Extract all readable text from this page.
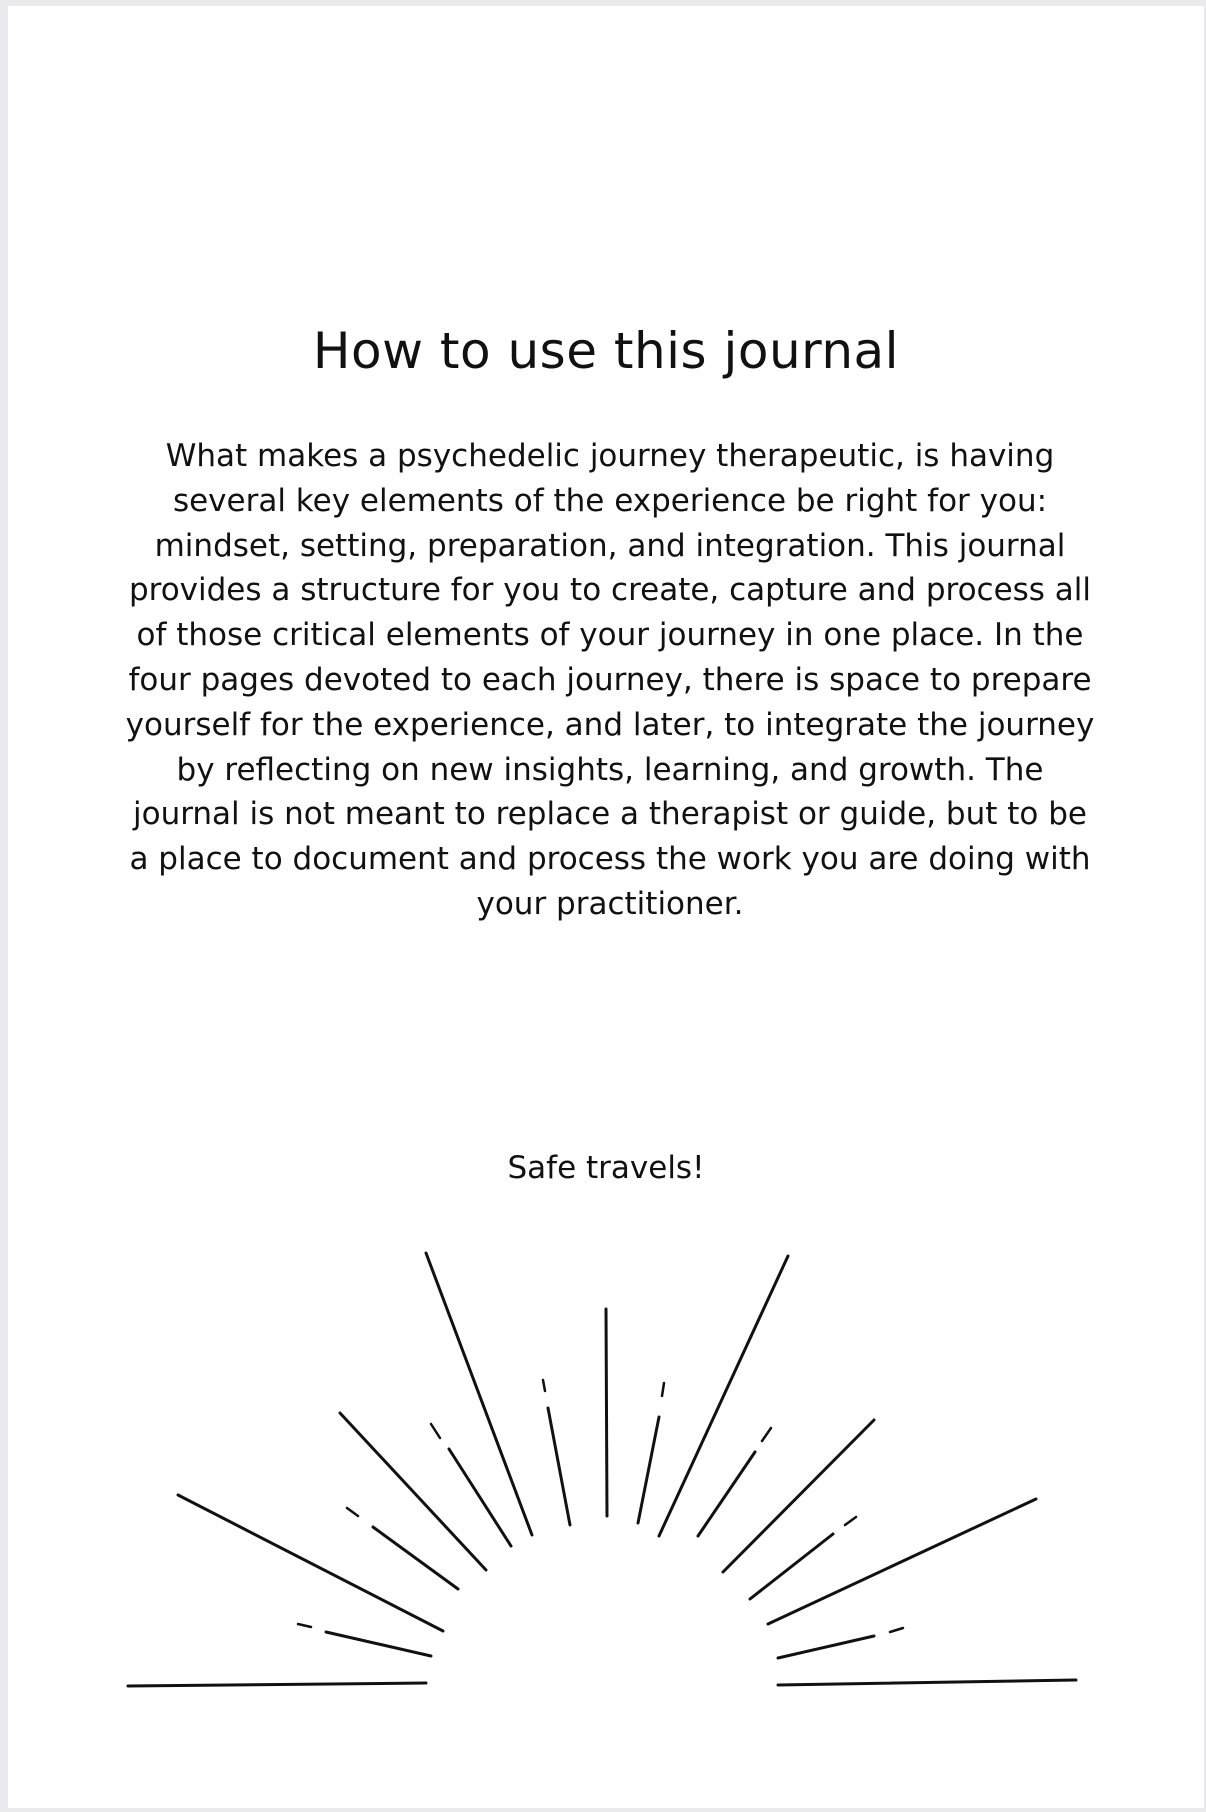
How to use this journal

What makes a psychedelic journey therapeutic, is having several key elements of the experience be right for you: mindset, setting, preparation, and integration. This journal provides a structure for you to create, capture and process all of those critical elements of your journey in one place. In the four pages devoted to each journey, there is space to prepare yourself for the experience, and later, to integrate the journey by reflecting on new insights, learning, and growth. The journal is not meant to replace a therapist or guide, but to be a place to document and process the work you are doing with your practitioner.

Safe travels!
